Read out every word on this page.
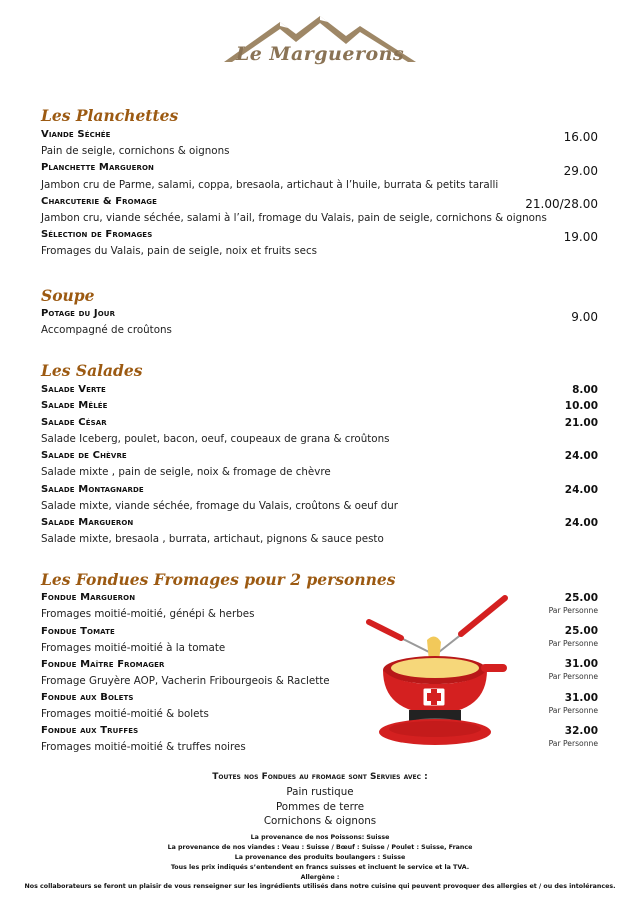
Le Marguerons
Les Planchettes
Viande Séchée	16.00
Pain de seigle, cornichons & oignons
Planchette Margueron	29.00
Jambon cru de Parme, salami, coppa, bresaola, artichaut à l’huile, burrata & petits taralli
Charcuterie & Fromage	21.00/28.00
Jambon cru, viande séchée, salami à l’ail, fromage du Valais, pain de seigle, cornichons & oignons
Sélection de Fromages	19.00
Fromages du Valais, pain de seigle, noix et fruits secs
Soupe
Potage du Jour	9.00
Accompagné de croûtons
Les Salades
Salade Verte	8.00
Salade Mêlée	10.00
Salade César	21.00
Salade Iceberg, poulet, bacon, oeuf, coupeaux de grana & croûtons
Salade de Chèvre	24.00
Salade mixte , pain de seigle, noix & fromage de chèvre
Salade Montagnarde	24.00
Salade mixte, viande séchée, fromage du Valais, croûtons & oeuf dur
Salade Margueron	24.00
Salade mixte, bresaola , burrata, artichaut, pignons & sauce pesto
Les Fondues Fromages pour 2 personnes
Fondue Margueron	25.00
Par Personne
Fromages moitié-moitié, génépi & herbes
Fondue Tomate	25.00
Par Personne
Fromages moitié-moitié à la tomate
Fondue Maître Fromager	31.00
Par Personne
Fromage Gruyère AOP, Vacherin Fribourgeois & Raclette
Fondue aux Bolets	31.00
Par Personne
Fromages moitié-moitié & bolets
Fondue aux Truffes	32.00
Par Personne
Fromages moitié-moitié & truffes noires
Toutes nos Fondues au fromage sont Servies avec :
Pain rustique
Pommes de terre
Cornichons & oignons
La provenance de nos Poissons: Suisse
La provenance de nos viandes : Veau : Suisse / Bœuf : Suisse / Poulet : Suisse, France
La provenance des produits boulangers : Suisse
Tous les prix indiqués s’entendent en francs suisses et incluent le service et la TVA.
Allergène :
Nos collaborateurs se feront un plaisir de vous renseigner sur les ingrédients utilisés dans notre cuisine qui peuvent provoquer des allergies et / ou des intolérances.
